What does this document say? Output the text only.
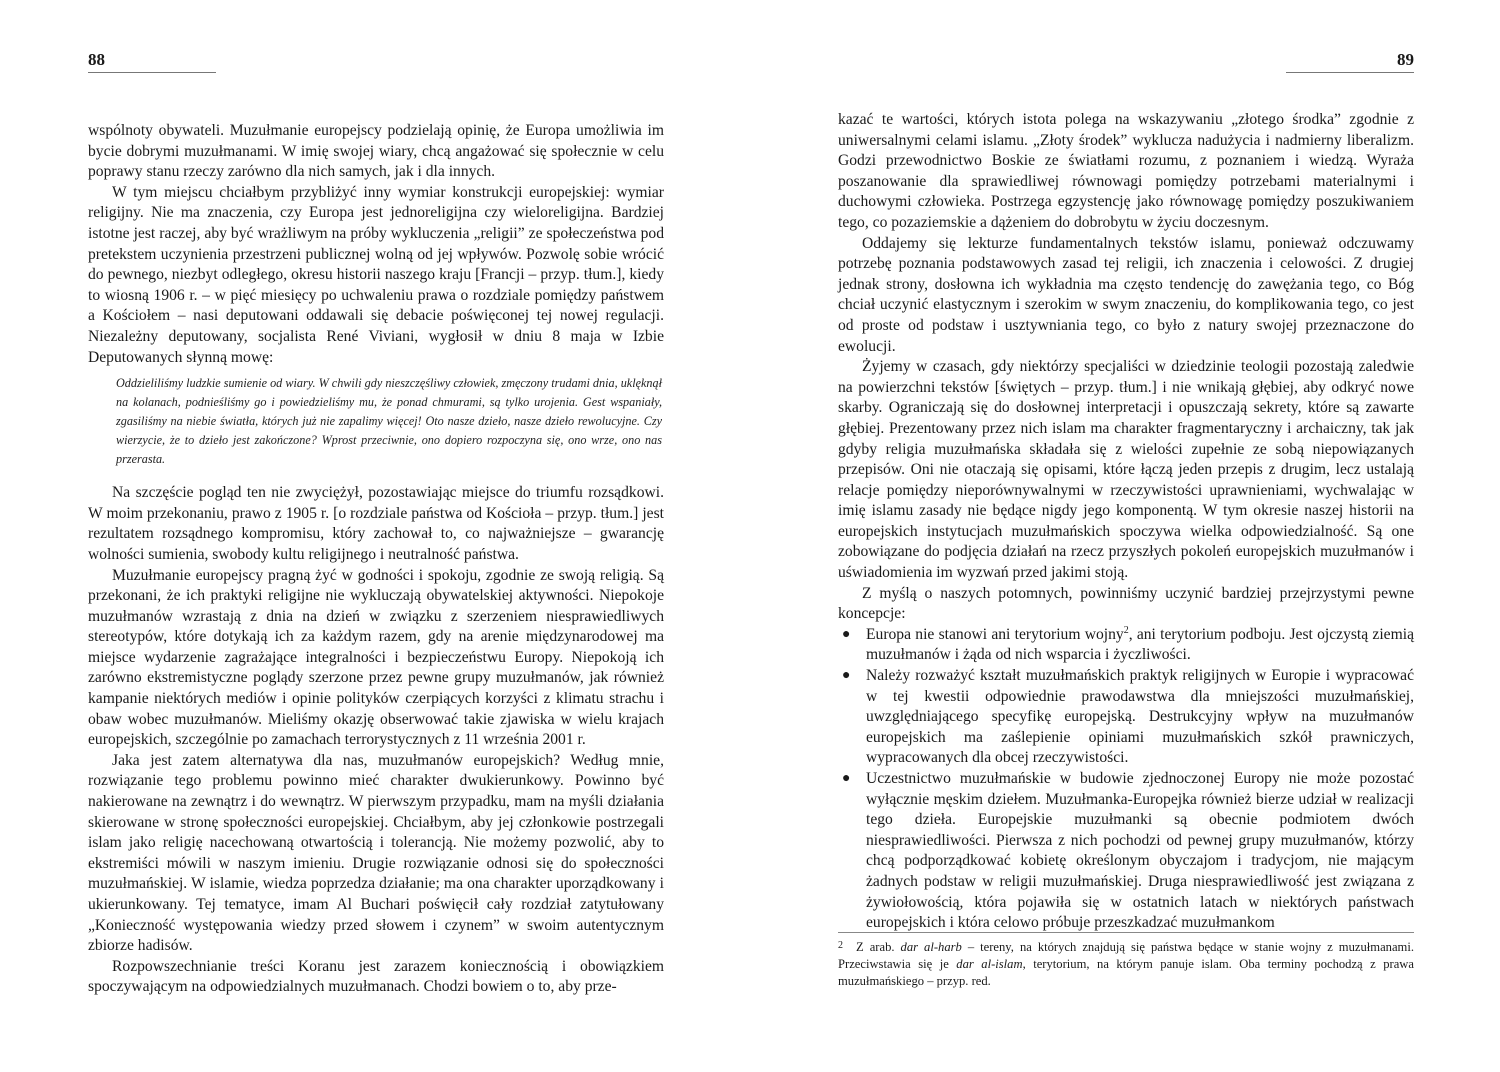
88

wspólnoty obywateli. Muzułmanie europejscy podzielają opinię, że Europa umożliwia im bycie dobrymi muzułmanami. W imię swojej wiary, chcą angażować się społecznie w celu poprawy stanu rzeczy zarówno dla nich samych, jak i dla innych.

W tym miejscu chciałbym przybliżyć inny wymiar konstrukcji europejskiej: wymiar religijny. Nie ma znaczenia, czy Europa jest jednoreligijna czy wieloreligijna. Bardziej istotne jest raczej, aby być wrażliwym na próby wykluczenia „religii” ze społeczeństwa pod pretekstem uczynienia przestrzeni publicznej wolną od jej wpływów. Pozwolę sobie wrócić do pewnego, niezbyt odległego, okresu historii naszego kraju [Francji – przyp. tłum.], kiedy to wiosną 1906 r. – w pięć miesięcy po uchwaleniu prawa o rozdziale pomiędzy państwem a Kościołem – nasi deputowani oddawali się debacie poświęconej tej nowej regulacji. Niezależny deputowany, socjalista René Viviani, wygłosił w dniu 8 maja w Izbie Deputowanych słynną mowę:

Oddzieliliśmy ludzkie sumienie od wiary. W chwili gdy nieszczęśliwy człowiek, zmęczony trudami dnia, uklęknął na kolanach, podnieśliśmy go i powiedzieliśmy mu, że ponad chmurami, są tylko urojenia. Gest wspaniały, zgasiliśmy na niebie światła, których już nie zapalimy więcej! Oto nasze dzieło, nasze dzieło rewolucyjne. Czy wierzycie, że to dzieło jest zakończone? Wprost przeciwnie, ono dopiero rozpoczyna się, ono wrze, ono nas przerasta.

Na szczęście pogląd ten nie zwyciężył, pozostawiając miejsce do triumfu rozsądkowi. W moim przekonaniu, prawo z 1905 r. [o rozdziale państwa od Kościoła – przyp. tłum.] jest rezultatem rozsądnego kompromisu, który zachował to, co najważniejsze – gwarancję wolności sumienia, swobody kultu religijnego i neutralność państwa.

Muzułmanie europejscy pragną żyć w godności i spokoju, zgodnie ze swoją religią. Są przekonani, że ich praktyki religijne nie wykluczają obywatelskiej aktywności. Niepokoje muzułmanów wzrastają z dnia na dzień w związku z szerzeniem niesprawiedliwych stereotypów, które dotykają ich za każdym razem, gdy na arenie międzynarodowej ma miejsce wydarzenie zagrażające integralności i bezpieczeństwu Europy. Niepokoją ich zarówno ekstremistyczne poglądy szerzone przez pewne grupy muzułmanów, jak również kampanie niektórych mediów i opinie polityków czerpiących korzyści z klimatu strachu i obaw wobec muzułmanów. Mieliśmy okazję obserwować takie zjawiska w wielu krajach europejskich, szczególnie po zamachach terrorystycznych z 11 września 2001 r.

Jaka jest zatem alternatywa dla nas, muzułmanów europejskich? Według mnie, rozwiązanie tego problemu powinno mieć charakter dwukierunkowy. Powinno być nakierowane na zewnątrz i do wewnątrz. W pierwszym przypadku, mam na myśli działania skierowane w stronę społeczności europejskiej. Chciałbym, aby jej członkowie postrzegali islam jako religię nacechowaną otwartością i tolerancją. Nie możemy pozwolić, aby to ekstremiści mówili w naszym imieniu. Drugie rozwiązanie odnosi się do społeczności muzułmańskiej. W islamie, wiedza poprzedza działanie; ma ona charakter uporządkowany i ukierunkowany. Tej tematyce, imam Al Buchari poświęcił cały rozdział zatytułowany „Konieczność występowania wiedzy przed słowem i czynem” w swoim autentycznym zbiorze hadisów.

Rozpowszechnianie treści Koranu jest zarazem koniecznością i obowiązkiem spoczywającym na odpowiedzialnych muzułmanach. Chodzi bowiem o to, aby prze-

89

kazać te wartości, których istota polega na wskazywaniu „złotego środka” zgodnie z uniwersalnymi celami islamu. „Złoty środek” wyklucza nadużycia i nadmierny liberalizm. Godzi przewodnictwo Boskie ze światłami rozumu, z poznaniem i wiedzą. Wyraża poszanowanie dla sprawiedliwej równowagi pomiędzy potrzebami materialnymi i duchowymi człowieka. Postrzega egzystencję jako równowagę pomiędzy poszukiwaniem tego, co pozaziemskie a dążeniem do dobrobytu w życiu doczesnym.

Oddajemy się lekturze fundamentalnych tekstów islamu, ponieważ odczuwamy potrzebę poznania podstawowych zasad tej religii, ich znaczenia i celowości. Z drugiej jednak strony, dosłowna ich wykładnia ma często tendencję do zawężania tego, co Bóg chciał uczynić elastycznym i szerokim w swym znaczeniu, do komplikowania tego, co jest od proste od podstaw i usztywniania tego, co było z natury swojej przeznaczone do ewolucji.

Żyjemy w czasach, gdy niektórzy specjaliści w dziedzinie teologii pozostają zaledwie na powierzchni tekstów [świętych – przyp. tłum.] i nie wnikają głębiej, aby odkryć nowe skarby. Ograniczają się do dosłownej interpretacji i opuszczają sekrety, które są zawarte głębiej. Prezentowany przez nich islam ma charakter fragmentaryczny i archaiczny, tak jak gdyby religia muzułmańska składała się z wielości zupełnie ze sobą niepowiązanych przepisów. Oni nie otaczają się opisami, które łączą jeden przepis z drugim, lecz ustalają relacje pomiędzy nieporównywalnymi w rzeczywistości uprawnieniami, wychwalając w imię islamu zasady nie będące nigdy jego komponentą. W tym okresie naszej historii na europejskich instytucjach muzułmańskich spoczywa wielka odpowiedzialność. Są one zobowiązane do podjęcia działań na rzecz przyszłych pokoleń europejskich muzułmanów i uświadomienia im wyzwań przed jakimi stoją.

Z myślą o naszych potomnych, powinniśmy uczynić bardziej przejrzystymi pewne koncepcje:

● Europa nie stanowi ani terytorium wojny$^2$, ani terytorium podboju. Jest ojczystą ziemią muzułmanów i żąda od nich wsparcia i życzliwości.
● Należy rozważyć kształt muzułmańskich praktyk religijnych w Europie i wypracować w tej kwestii odpowiednie prawodawstwa dla mniejszości muzułmańskiej, uwzględniającego specyfikę europejską. Destrukcyjny wpływ na muzułmanów europejskich ma zaślepienie opiniami muzułmańskich szkół prawniczych, wypracowanych dla obcej rzeczywistości.
● Uczestnictwo muzułmańskie w budowie zjednoczonej Europy nie może pozostać wyłącznie męskim dziełem. Muzułmanka-Europejka również bierze udział w realizacji tego dzieła. Europejskie muzułmanki są obecnie podmiotem dwóch niesprawiedliwości. Pierwsza z nich pochodzi od pewnej grupy muzułmanów, którzy chcą podporządkować kobietę określonym obyczajom i tradycjom, nie mającym żadnych podstaw w religii muzułmańskiej. Druga niesprawiedliwość jest związana z żywiołowością, która pojawiła się w ostatnich latach w niektórych państwach europejskich i która celowo próbuje przeszkadzać muzułmankom
2 Z arab. dar al-harb – tereny, na których znajdują się państwa będące w stanie wojny z muzułmanami. Przeciwstawia się je dar al-islam, terytorium, na którym panuje islam. Oba terminy pochodzą z prawa muzułmańskiego – przyp. red.
